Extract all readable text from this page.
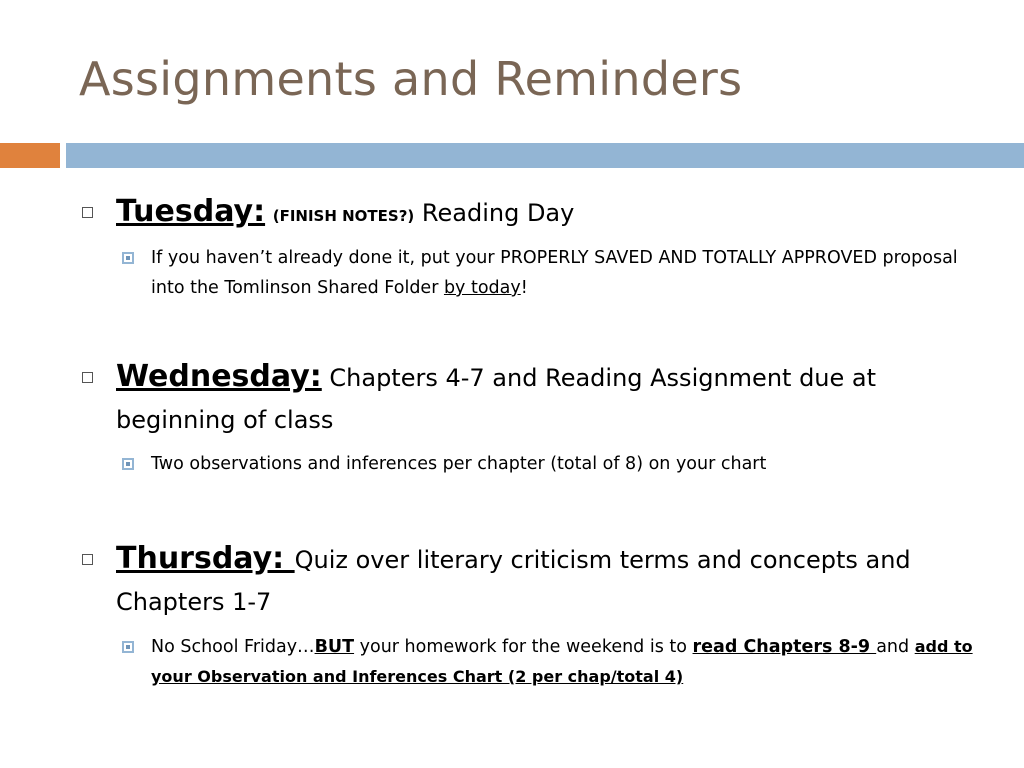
Assignments and Reminders
Tuesday: (FINISH NOTES?) Reading Day
If you haven’t already done it, put your PROPERLY SAVED AND TOTALLY APPROVED proposal into the Tomlinson Shared Folder by today!
Wednesday: Chapters 4-7 and Reading Assignment due at beginning of class
Two observations and inferences per chapter (total of 8) on your chart
Thursday: Quiz over literary criticism terms and concepts and Chapters 1-7
No School Friday…BUT your homework for the weekend is to read Chapters 8-9 and add to your Observation and Inferences Chart (2 per chap/total 4)
